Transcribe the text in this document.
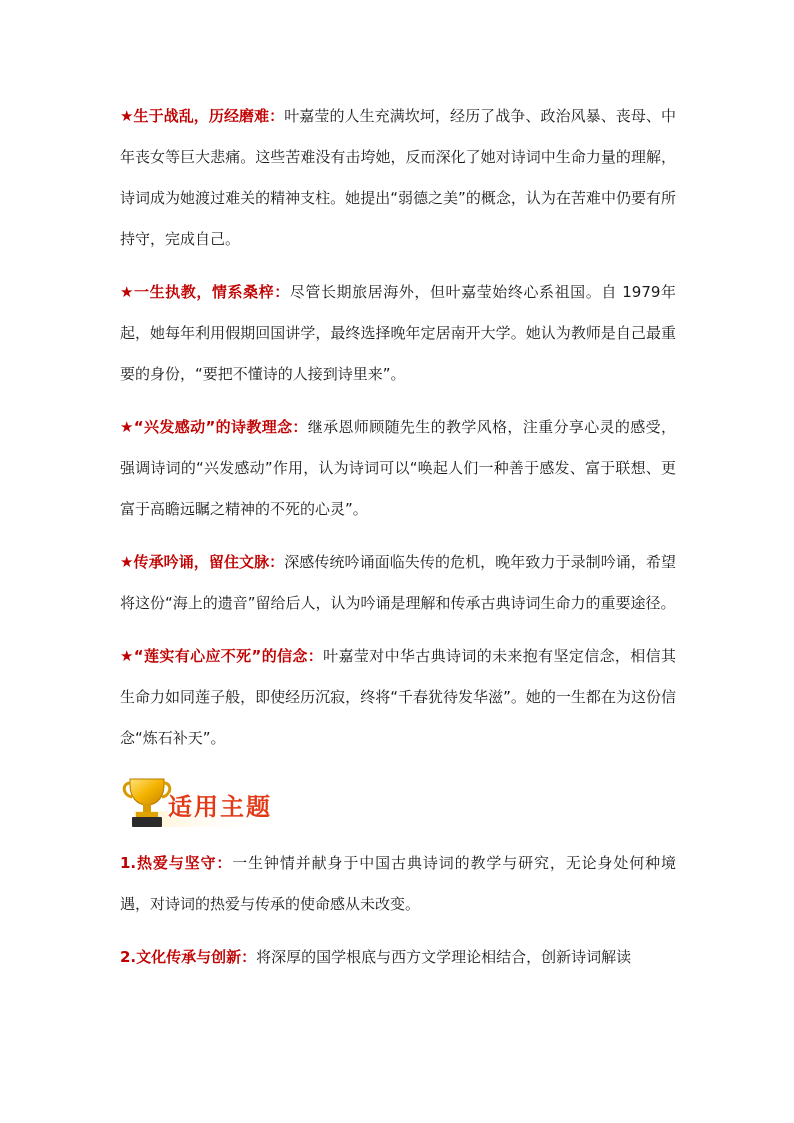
★生于战乱，历经磨难：叶嘉莹的人生充满坎坷，经历了战争、政治风暴、丧母、中年丧女等巨大悲痛。这些苦难没有击垮她，反而深化了她对诗词中生命力量的理解，诗词成为她渡过难关的精神支柱。她提出“弱德之美”的概念，认为在苦难中仍要有所持守，完成自己。

★一生执教，情系桑梓：尽管长期旅居海外，但叶嘉莹始终心系祖国。自 1979年起，她每年利用假期回国讲学，最终选择晚年定居南开大学。她认为教师是自己最重要的身份，“要把不懂诗的人接到诗里来”。

★“兴发感动”的诗教理念：继承恩师顾随先生的教学风格，注重分享心灵的感受，强调诗词的“兴发感动”作用，认为诗词可以“唤起人们一种善于感发、富于联想、更富于高瞻远瞩之精神的不死的心灵”。

★传承吟诵，留住文脉：深感传统吟诵面临失传的危机，晚年致力于录制吟诵，希望将这份“海上的遗音”留给后人，认为吟诵是理解和传承古典诗词生命力的重要途径。

★“莲实有心应不死”的信念：叶嘉莹对中华古典诗词的未来抱有坚定信念，相信其生命力如同莲子般，即使经历沉寂，终将“千春犹待发华滋”。她的一生都在为这份信念“炼石补天”。

适用主题

1.热爱与坚守：一生钟情并献身于中国古典诗词的教学与研究，无论身处何种境遇，对诗词的热爱与传承的使命感从未改变。

2.文化传承与创新：将深厚的国学根底与西方文学理论相结合，创新诗词解读
